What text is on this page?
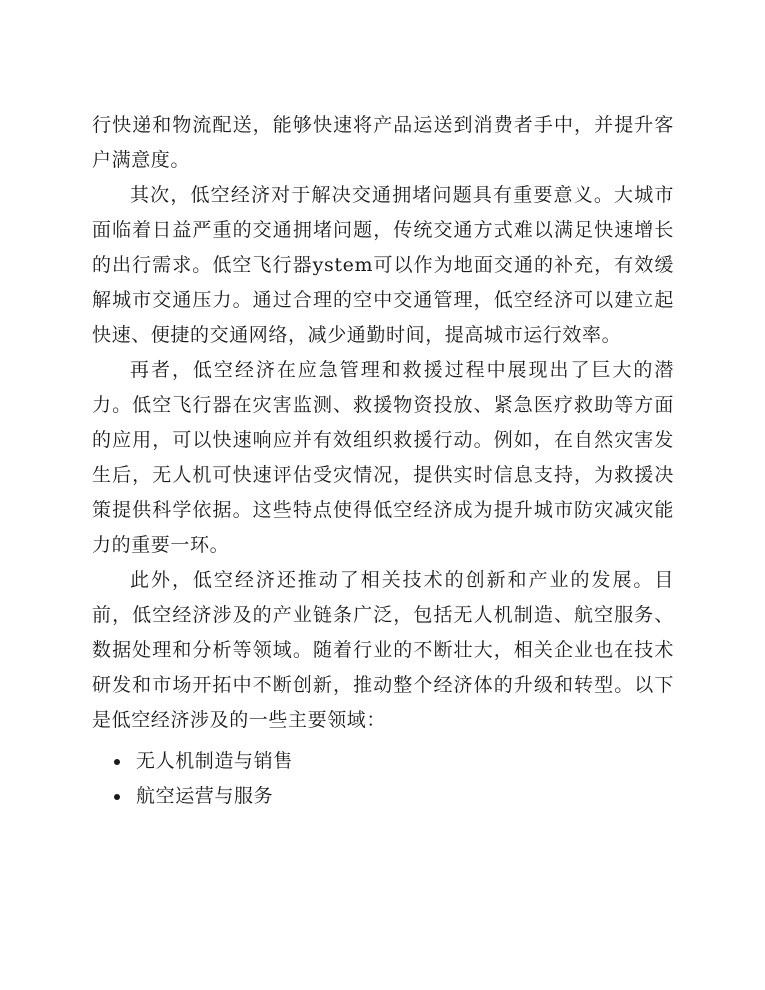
行快递和物流配送，能够快速将产品运送到消费者手中，并提升客户满意度。

其次，低空经济对于解决交通拥堵问题具有重要意义。大城市面临着日益严重的交通拥堵问题，传统交通方式难以满足快速增长的出行需求。低空飞行器ystem可以作为地面交通的补充，有效缓解城市交通压力。通过合理的空中交通管理，低空经济可以建立起快速、便捷的交通网络，减少通勤时间，提高城市运行效率。

再者，低空经济在应急管理和救援过程中展现出了巨大的潜力。低空飞行器在灾害监测、救援物资投放、紧急医疗救助等方面的应用，可以快速响应并有效组织救援行动。例如，在自然灾害发生后，无人机可快速评估受灾情况，提供实时信息支持，为救援决策提供科学依据。这些特点使得低空经济成为提升城市防灾减灾能力的重要一环。

此外，低空经济还推动了相关技术的创新和产业的发展。目前，低空经济涉及的产业链条广泛，包括无人机制造、航空服务、数据处理和分析等领域。随着行业的不断壮大，相关企业也在技术研发和市场开拓中不断创新，推动整个经济体的升级和转型。以下是低空经济涉及的一些主要领域：

无人机制造与销售
航空运营与服务
